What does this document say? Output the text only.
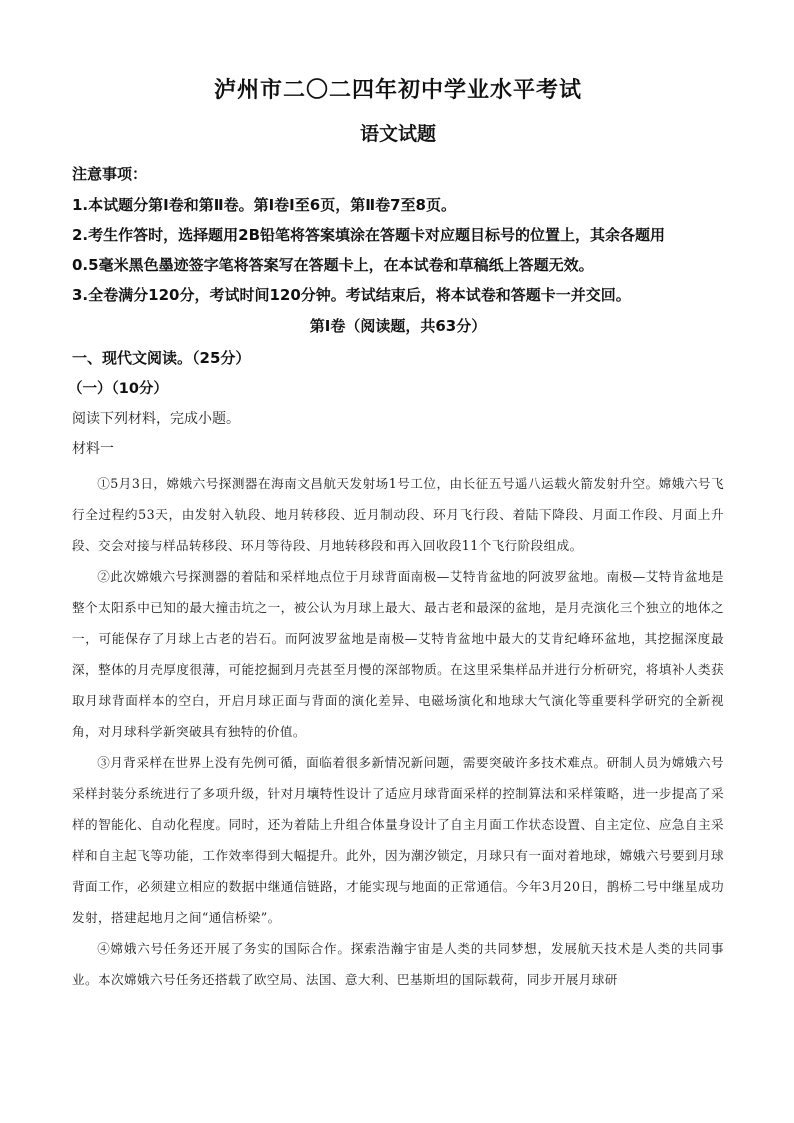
泸州市二〇二四年初中学业水平考试
语文试题

注意事项：

1.本试题分第Ⅰ卷和第Ⅱ卷。第Ⅰ卷Ⅰ至6页，第Ⅱ卷7至8页。

2.考生作答时，选择题用2B铅笔将答案填涂在答题卡对应题目标号的位置上，其余各题用

0.5毫米黑色墨迹签字笔将答案写在答题卡上，在本试卷和草稿纸上答题无效。

3.全卷满分120分，考试时间120分钟。考试结束后，将本试卷和答题卡一并交回。

第Ⅰ卷（阅读题，共63分）

一、现代文阅读。（25分）

（一）（10分）

阅读下列材料，完成小题。

材料一

①5月3日，嫦娥六号探测器在海南文昌航天发射场1号工位，由长征五号遥八运载火箭发射升空。嫦娥六号飞行全过程约53天，由发射入轨段、地月转移段、近月制动段、环月飞行段、着陆下降段、月面工作段、月面上升段、交会对接与样品转移段、环月等待段、月地转移段和再入回收段11个飞行阶段组成。

②此次嫦娥六号探测器的着陆和采样地点位于月球背面南极—艾特肯盆地的阿波罗盆地。南极—艾特肯盆地是整个太阳系中已知的最大撞击坑之一，被公认为月球上最大、最古老和最深的盆地，是月壳演化三个独立的地体之一，可能保存了月球上古老的岩石。而阿波罗盆地是南极—艾特肯盆地中最大的艾肯纪峰环盆地，其挖掘深度最深，整体的月壳厚度很薄，可能挖掘到月壳甚至月慢的深部物质。在这里采集样品并进行分析研究，将填补人类获取月球背面样本的空白，开启月球正面与背面的演化差异、电磁场演化和地球大气演化等重要科学研究的全新视角，对月球科学新突破具有独特的价值。

③月背采样在世界上没有先例可循，面临着很多新情况新问题，需要突破许多技术难点。研制人员为嫦娥六号采样封装分系统进行了多项升级，针对月壤特性设计了适应月球背面采样的控制算法和采样策略，进一步提高了采样的智能化、自动化程度。同时，还为着陆上升组合体量身设计了自主月面工作状态设置、自主定位、应急自主采样和自主起飞等功能，工作效率得到大幅提升。此外，因为潮汐锁定，月球只有一面对着地球，嫦娥六号要到月球背面工作，必须建立相应的数据中继通信链路，才能实现与地面的正常通信。今年3月20日，鹊桥二号中继星成功发射，搭建起地月之间“通信桥梁”。

④嫦娥六号任务还开展了务实的国际合作。探索浩瀚宇宙是人类的共同梦想，发展航天技术是人类的共同事业。本次嫦娥六号任务还搭载了欧空局、法国、意大利、巴基斯坦的国际载荷，同步开展月球研
